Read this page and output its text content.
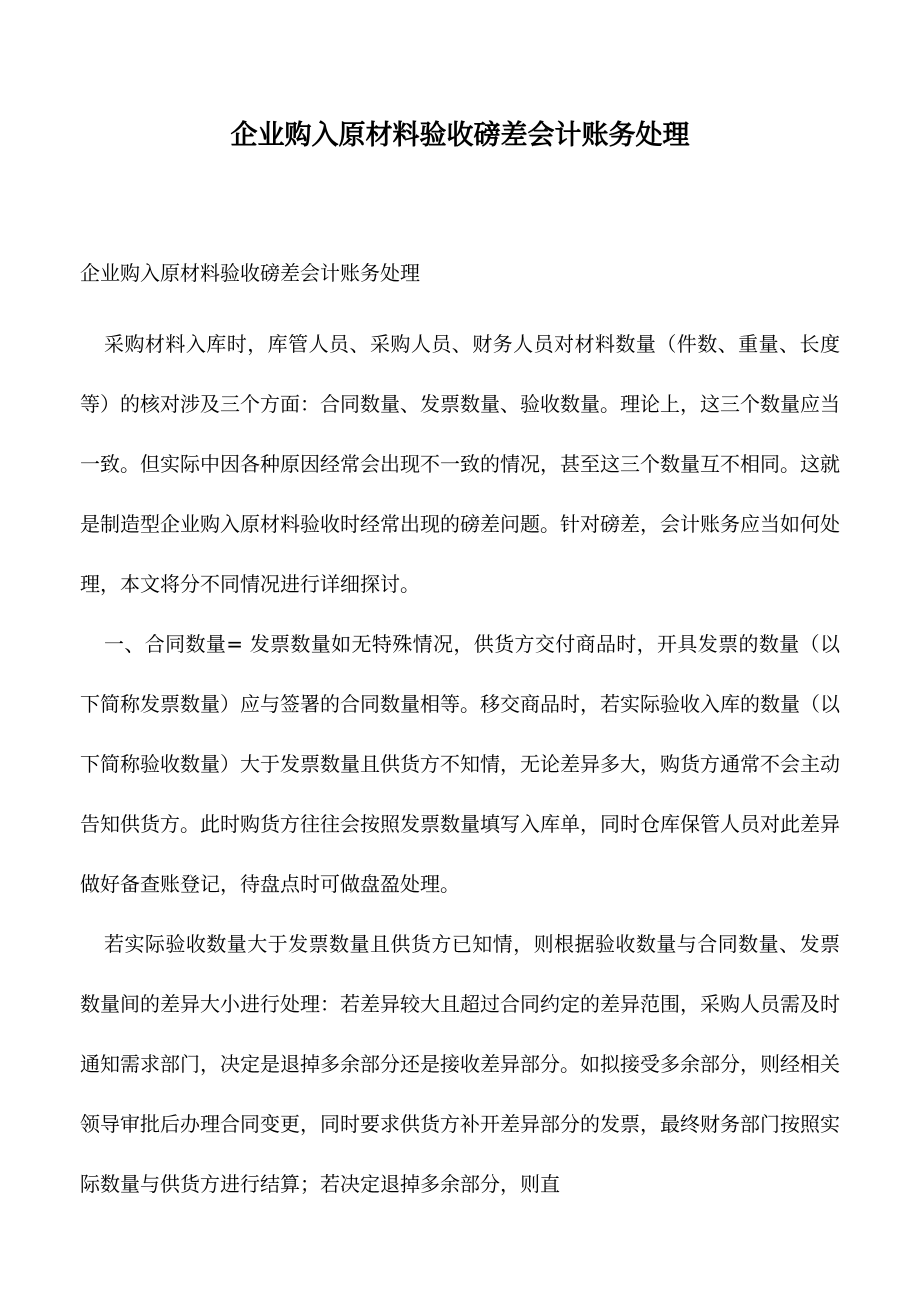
企业购入原材料验收磅差会计账务处理

企业购入原材料验收磅差会计账务处理

采购材料入库时，库管人员、采购人员、财务人员对材料数量（件数、重量、长度等）的核对涉及三个方面：合同数量、发票数量、验收数量。理论上，这三个数量应当一致。但实际中因各种原因经常会出现不一致的情况，甚至这三个数量互不相同。这就是制造型企业购入原材料验收时经常出现的磅差问题。针对磅差，会计账务应当如何处理，本文将分不同情况进行详细探讨。

一、合同数量= 发票数量如无特殊情况，供货方交付商品时，开具发票的数量（以下简称发票数量）应与签署的合同数量相等。移交商品时，若实际验收入库的数量（以下简称验收数量）大于发票数量且供货方不知情，无论差异多大，购货方通常不会主动告知供货方。此时购货方往往会按照发票数量填写入库单，同时仓库保管人员对此差异做好备查账登记，待盘点时可做盘盈处理。

若实际验收数量大于发票数量且供货方已知情，则根据验收数量与合同数量、发票数量间的差异大小进行处理：若差异较大且超过合同约定的差异范围，采购人员需及时通知需求部门，决定是退掉多余部分还是接收差异部分。如拟接受多余部分，则经相关领导审批后办理合同变更，同时要求供货方补开差异部分的发票，最终财务部门按照实际数量与供货方进行结算；若决定退掉多余部分，则直
